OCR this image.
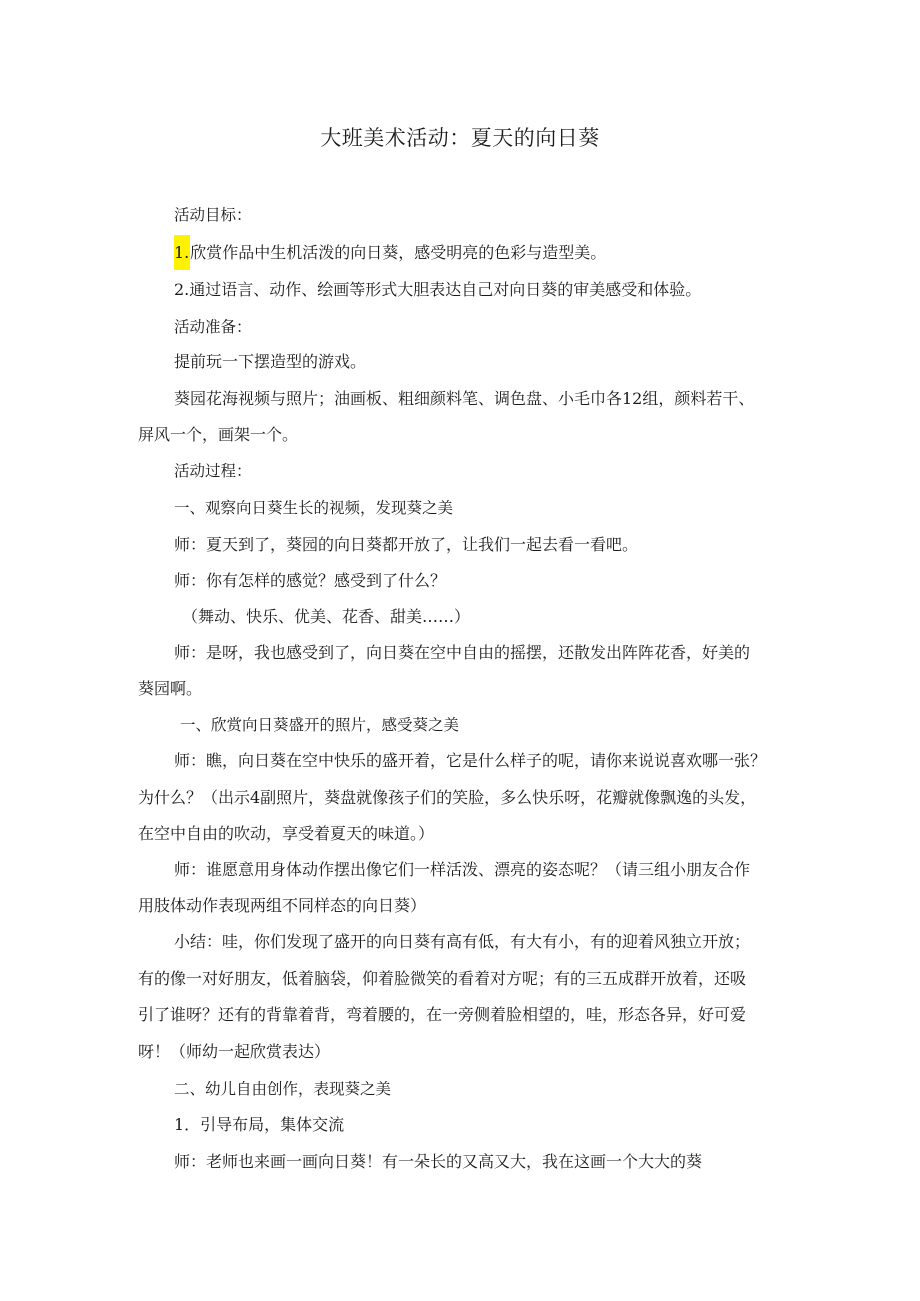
大班美术活动：夏天的向日葵
活动目标：
1.欣赏作品中生机活泼的向日葵，感受明亮的色彩与造型美。
2.通过语言、动作、绘画等形式大胆表达自己对向日葵的审美感受和体验。
活动准备：
提前玩一下摆造型的游戏。
葵园花海视频与照片；油画板、粗细颜料笔、调色盘、小毛巾各12组，颜料若干、
屏风一个，画架一个。
活动过程：
一、观察向日葵生长的视频，发现葵之美
师：夏天到了，葵园的向日葵都开放了，让我们一起去看一看吧。
师：你有怎样的感觉？感受到了什么？
（舞动、快乐、优美、花香、甜美……）
师：是呀，我也感受到了，向日葵在空中自由的摇摆，还散发出阵阵花香，好美的
葵园啊。
一、欣赏向日葵盛开的照片，感受葵之美
师：瞧，向日葵在空中快乐的盛开着，它是什么样子的呢，请你来说说喜欢哪一张？
为什么？（出示4副照片，葵盘就像孩子们的笑脸，多么快乐呀，花瓣就像飘逸的头发，
在空中自由的吹动，享受着夏天的味道。）
师：谁愿意用身体动作摆出像它们一样活泼、漂亮的姿态呢？（请三组小朋友合作
用肢体动作表现两组不同样态的向日葵）
小结：哇，你们发现了盛开的向日葵有高有低，有大有小，有的迎着风独立开放；
有的像一对好朋友，低着脑袋，仰着脸微笑的看着对方呢；有的三五成群开放着，还吸
引了谁呀？还有的背靠着背，弯着腰的，在一旁侧着脸相望的，哇，形态各异，好可爱
呀！（师幼一起欣赏表达）
二、幼儿自由创作，表现葵之美
1．引导布局，集体交流
师：老师也来画一画向日葵！有一朵长的又高又大，我在这画一个大大的葵
